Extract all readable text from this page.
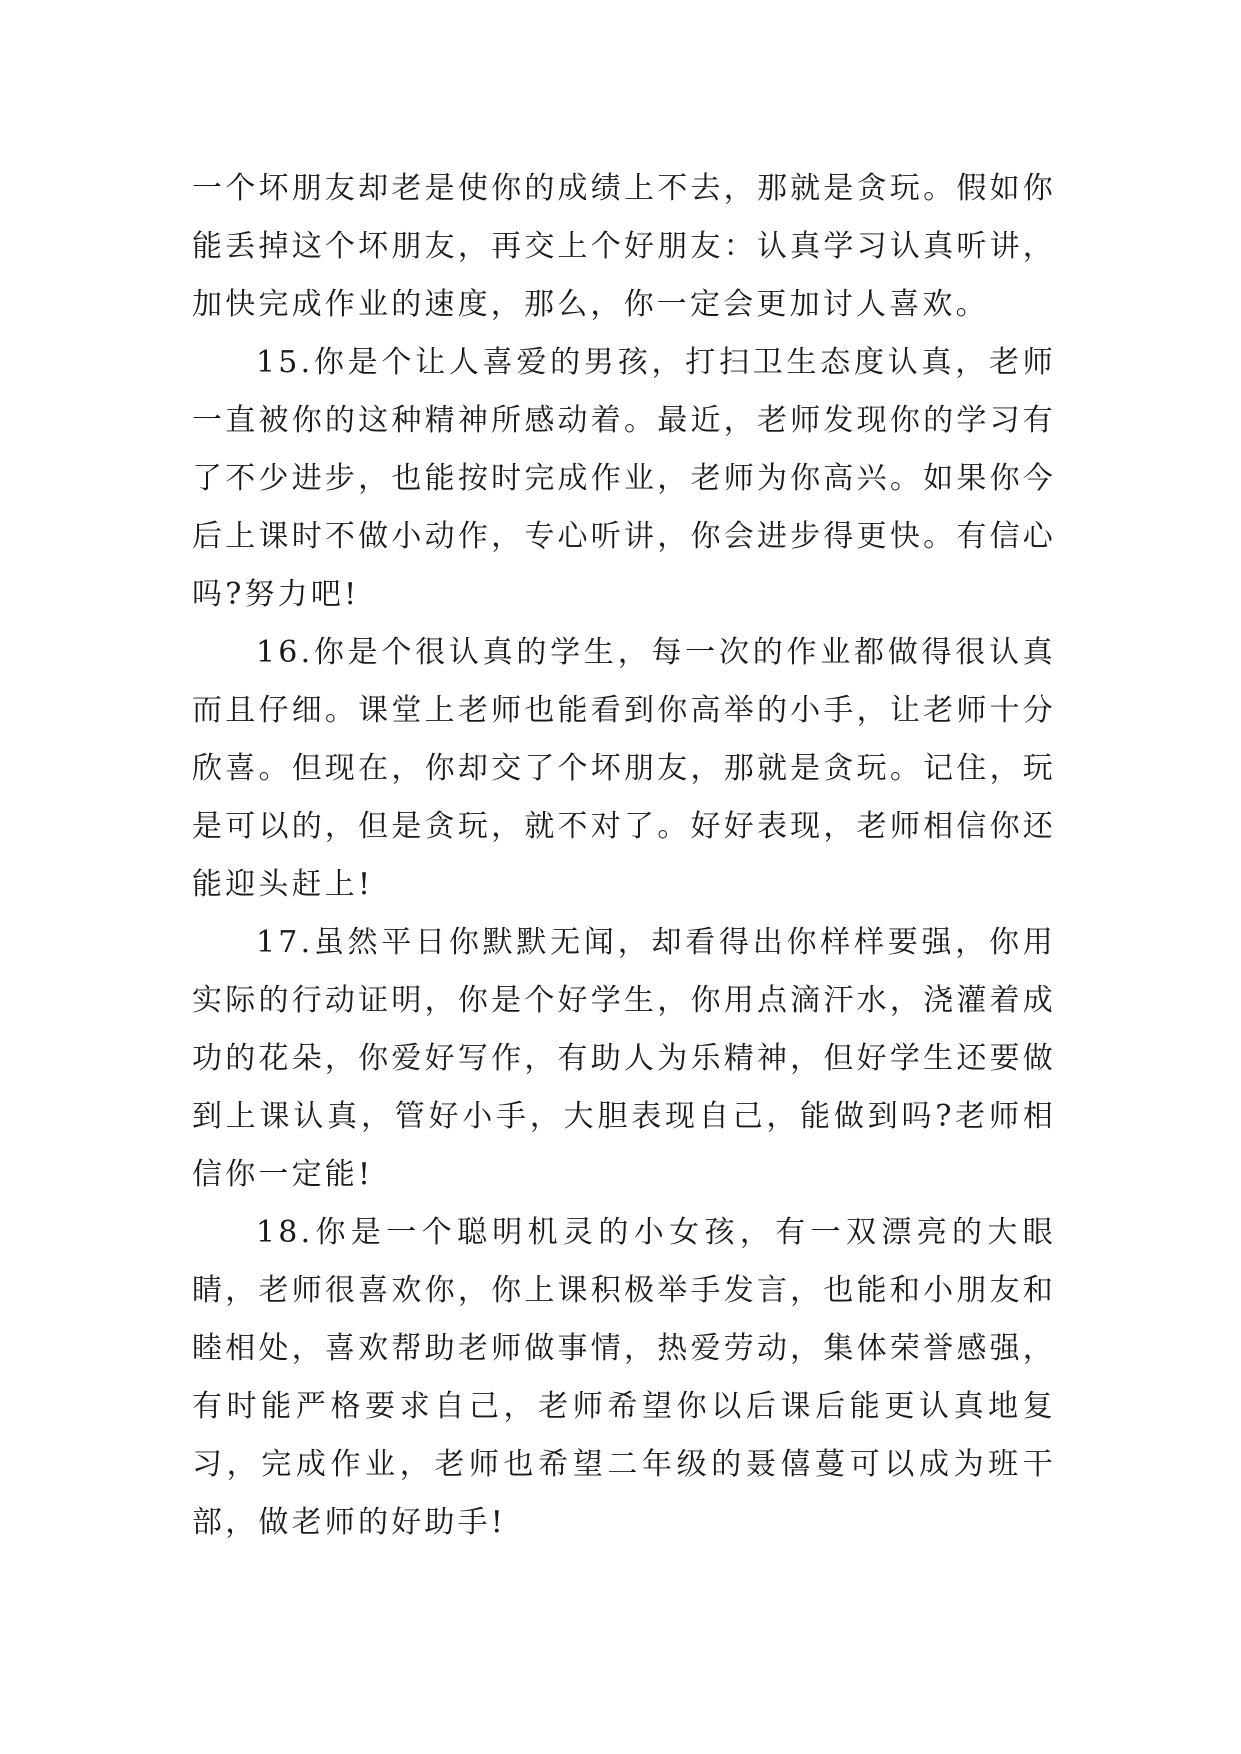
一个坏朋友却老是使你的成绩上不去，那就是贪玩。假如你能丢掉这个坏朋友，再交上个好朋友：认真学习认真听讲，加快完成作业的速度，那么，你一定会更加讨人喜欢。

15.你是个让人喜爱的男孩，打扫卫生态度认真，老师一直被你的这种精神所感动着。最近，老师发现你的学习有了不少进步，也能按时完成作业，老师为你高兴。如果你今后上课时不做小动作，专心听讲，你会进步得更快。有信心吗?努力吧!

16.你是个很认真的学生，每一次的作业都做得很认真而且仔细。课堂上老师也能看到你高举的小手，让老师十分欣喜。但现在，你却交了个坏朋友，那就是贪玩。记住，玩是可以的，但是贪玩，就不对了。好好表现，老师相信你还能迎头赶上!

17.虽然平日你默默无闻，却看得出你样样要强，你用实际的行动证明，你是个好学生，你用点滴汗水，浇灌着成功的花朵，你爱好写作，有助人为乐精神，但好学生还要做到上课认真，管好小手，大胆表现自己，能做到吗?老师相信你一定能!

18.你是一个聪明机灵的小女孩，有一双漂亮的大眼睛，老师很喜欢你，你上课积极举手发言，也能和小朋友和睦相处，喜欢帮助老师做事情，热爱劳动，集体荣誉感强，有时能严格要求自己，老师希望你以后课后能更认真地复习，完成作业，老师也希望二年级的聂僖蔓可以成为班干部，做老师的好助手!
